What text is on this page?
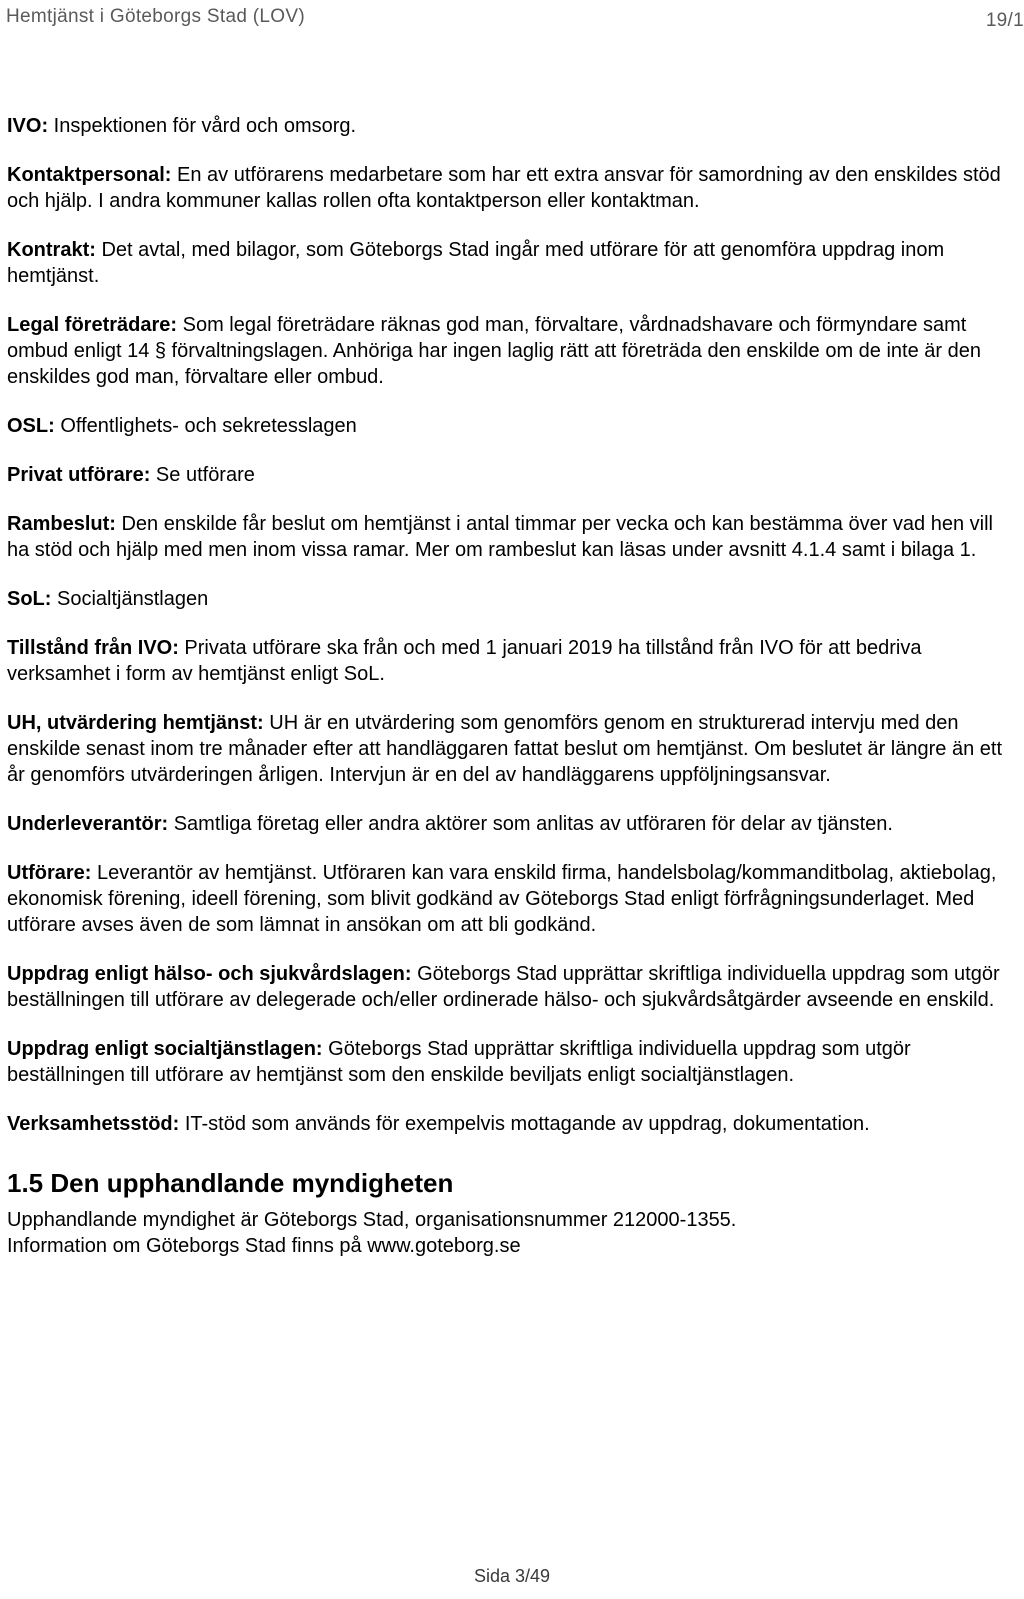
Hemtjänst i Göteborgs Stad (LOV)	19/1

IVO: Inspektionen för vård och omsorg.

Kontaktpersonal: En av utförarens medarbetare som har ett extra ansvar för samordning av den enskildes stöd och hjälp. I andra kommuner kallas rollen ofta kontaktperson eller kontaktman.

Kontrakt: Det avtal, med bilagor, som Göteborgs Stad ingår med utförare för att genomföra uppdrag inom hemtjänst.

Legal företrädare: Som legal företrädare räknas god man, förvaltare, vårdnadshavare och förmyndare samt ombud enligt 14 § förvaltningslagen. Anhöriga har ingen laglig rätt att företräda den enskilde om de inte är den enskildes god man, förvaltare eller ombud.

OSL: Offentlighets- och sekretesslagen

Privat utförare: Se utförare

Rambeslut: Den enskilde får beslut om hemtjänst i antal timmar per vecka och kan bestämma över vad hen vill ha stöd och hjälp med men inom vissa ramar. Mer om rambeslut kan läsas under avsnitt 4.1.4 samt i bilaga 1.

SoL: Socialtjänstlagen

Tillstånd från IVO: Privata utförare ska från och med 1 januari 2019 ha tillstånd från IVO för att bedriva verksamhet i form av hemtjänst enligt SoL.

UH, utvärdering hemtjänst: UH är en utvärdering som genomförs genom en strukturerad intervju med den enskilde senast inom tre månader efter att handläggaren fattat beslut om hemtjänst. Om beslutet är längre än ett år genomförs utvärderingen årligen. Intervjun är en del av handläggarens uppföljningsansvar.

Underleverantör: Samtliga företag eller andra aktörer som anlitas av utföraren för delar av tjänsten.

Utförare: Leverantör av hemtjänst. Utföraren kan vara enskild firma, handelsbolag/kommanditbolag, aktiebolag, ekonomisk förening, ideell förening, som blivit godkänd av Göteborgs Stad enligt förfrågningsunderlaget. Med utförare avses även de som lämnat in ansökan om att bli godkänd.

Uppdrag enligt hälso- och sjukvårdslagen: Göteborgs Stad upprättar skriftliga individuella uppdrag som utgör beställningen till utförare av delegerade och/eller ordinerade hälso- och sjukvårdsåtgärder avseende en enskild.

Uppdrag enligt socialtjänstlagen: Göteborgs Stad upprättar skriftliga individuella uppdrag som utgör beställningen till utförare av hemtjänst som den enskilde beviljats enligt socialtjänstlagen.

Verksamhetsstöd: IT-stöd som används för exempelvis mottagande av uppdrag, dokumentation.

1.5 Den upphandlande myndigheten

Upphandlande myndighet är Göteborgs Stad, organisationsnummer 212000-1355.

Information om Göteborgs Stad finns på www.goteborg.se

Sida 3/49
